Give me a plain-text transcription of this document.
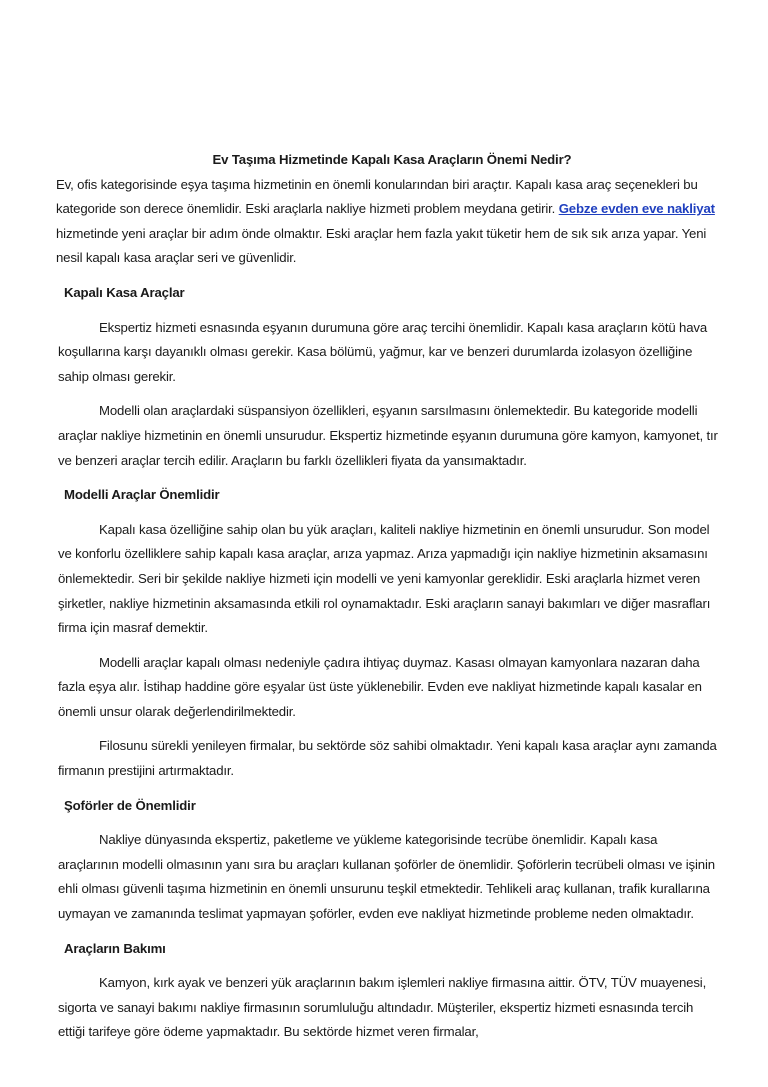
Ev Taşıma Hizmetinde Kapalı Kasa Araçların Önemi Nedir?

Ev, ofis kategorisinde eşya taşıma hizmetinin en önemli konularından biri araçtır. Kapalı kasa araç seçenekleri bu kategoride son derece önemlidir. Eski araçlarla nakliye hizmeti problem meydana getirir. Gebze evden eve nakliyat hizmetinde yeni araçlar bir adım önde olmaktır. Eski araçlar hem fazla yakıt tüketir hem de sık sık arıza yapar. Yeni nesil kapalı kasa araçlar seri ve güvenlidir.

Kapalı Kasa Araçlar

Ekspertiz hizmeti esnasında eşyanın durumuna göre araç tercihi önemlidir. Kapalı kasa araçların kötü hava koşullarına karşı dayanıklı olması gerekir. Kasa bölümü, yağmur, kar ve benzeri durumlarda izolasyon özelliğine sahip olması gerekir.

Modelli olan araçlardaki süspansiyon özellikleri, eşyanın sarsılmasını önlemektedir. Bu kategoride modelli araçlar nakliye hizmetinin en önemli unsurudur. Ekspertiz hizmetinde eşyanın durumuna göre kamyon, kamyonet, tır ve benzeri araçlar tercih edilir. Araçların bu farklı özellikleri fiyata da yansımaktadır.

Modelli Araçlar Önemlidir

Kapalı kasa özelliğine sahip olan bu yük araçları, kaliteli nakliye hizmetinin en önemli unsurudur. Son model ve konforlu özelliklere sahip kapalı kasa araçlar, arıza yapmaz. Arıza yapmadığı için nakliye hizmetinin aksamasını önlemektedir. Seri bir şekilde nakliye hizmeti için modelli ve yeni kamyonlar gereklidir. Eski araçlarla hizmet veren şirketler, nakliye hizmetinin aksamasında etkili rol oynamaktadır. Eski araçların sanayi bakımları ve diğer masrafları firma için masraf demektir.

Modelli araçlar kapalı olması nedeniyle çadıra ihtiyaç duymaz. Kasası olmayan kamyonlara nazaran daha fazla eşya alır. İstihap haddine göre eşyalar üst üste yüklenebilir. Evden eve nakliyat hizmetinde kapalı kasalar en önemli unsur olarak değerlendirilmektedir.

Filosunu sürekli yenileyen firmalar, bu sektörde söz sahibi olmaktadır. Yeni kapalı kasa araçlar aynı zamanda firmanın prestijini artırmaktadır.

Şoförler de Önemlidir

Nakliye dünyasında ekspertiz, paketleme ve yükleme kategorisinde tecrübe önemlidir. Kapalı kasa araçlarının modelli olmasının yanı sıra bu araçları kullanan şoförler de önemlidir. Şoförlerin tecrübeli olması ve işinin ehli olması güvenli taşıma hizmetinin en önemli unsurunu teşkil etmektedir. Tehlikeli araç kullanan, trafik kurallarına uymayan ve zamanında teslimat yapmayan şoförler, evden eve nakliyat hizmetinde probleme neden olmaktadır.

Araçların Bakımı

Kamyon, kırk ayak ve benzeri yük araçlarının bakım işlemleri nakliye firmasına aittir. ÖTV, TÜV muayenesi, sigorta ve sanayi bakımı nakliye firmasının sorumluluğu altındadır. Müşteriler, ekspertiz hizmeti esnasında tercih ettiği tarifeye göre ödeme yapmaktadır. Bu sektörde hizmet veren firmalar,
